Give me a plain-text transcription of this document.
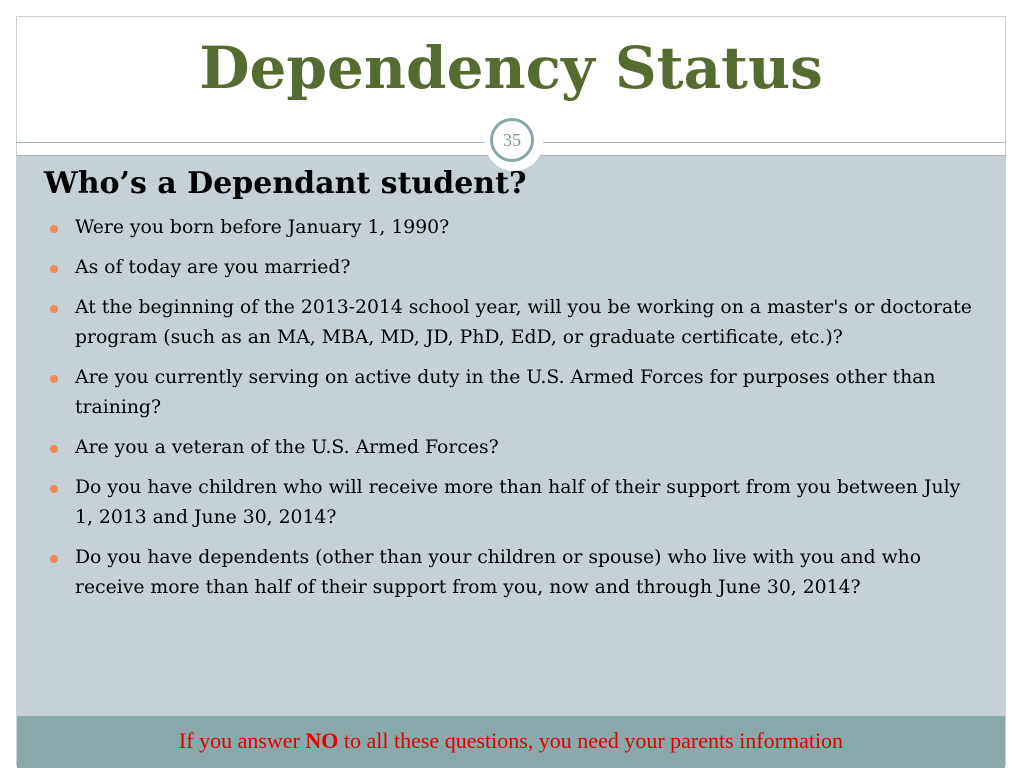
Dependency Status
35
Who’s a Dependant student?
Were you born before January 1, 1990?
As of today are you married?
At the beginning of the 2013-2014 school year, will you be working on a master's or doctorate program (such as an MA, MBA, MD, JD, PhD, EdD, or graduate certificate, etc.)?
Are you currently serving on active duty in the U.S. Armed Forces for purposes other than training?
Are you a veteran of the U.S. Armed Forces?
Do you have children who will receive more than half of their support from you between July 1, 2013 and June 30, 2014?
Do you have dependents (other than your children or spouse) who live with you and who receive more than half of their support from you, now and through June 30, 2014?
If you answer NO to all these questions, you need your parents information
